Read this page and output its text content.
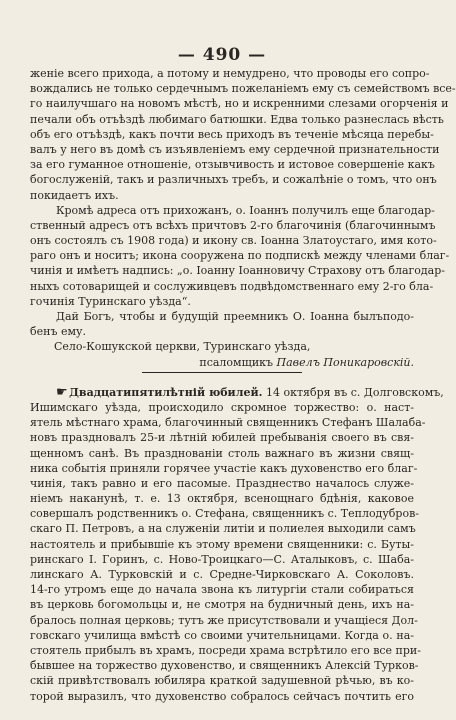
— 490 —
женіе всего прихода, а потому и немудрено, что проводы его сопро-
вождались не только сердечнымъ пожеланіемъ ему съ семействомъ все-
го наилучшаго на новомъ мѣстѣ, но и искренними слезами огорченія и
печали объ отъѣздѣ любимаго батюшки. Едва только разнеслась вѣсть
объ его отъѣздѣ, какъ почти весь приходъ въ теченіе мѣсяца перебы-
валъ у него въ домѣ съ изъявленіемъ ему сердечной признательности
за его гуманное отношеніе, отзывчивость и истовое совершеніе какъ
богослуженій, такъ и различныхъ требъ, и сожалѣніе о томъ, что онъ
покидаетъ ихъ.
Кромѣ адреса отъ прихожанъ, о. Іоаннъ получилъ еще благодар-
ственный адресъ отъ всѣхъ причтовъ 2-го благочинія (благочиннымъ
онъ состоялъ съ 1908 года) и икону св. Іоанна Златоустаго, имя кото-
раго онъ и носитъ; икона сооружена по подпискѣ между членами благ-
чинія и имѣетъ надпись: „о. Іоанну Іоанновичу Страхову отъ благодар-
ныхъ сотоварищей и сослуживцевъ подвѣдомственнаго ему 2-го бла-
гочинія Туринскаго уѣзда“.
Дай Богъ, чтобы и будущій преемникъ О. Іоанна былъподо-
бенъ ему.
Село-Кошукской церкви, Туринскаго уѣзда,
псаломщикъ Павелъ Поникаровскій.
☛ Двадцатипятилѣтній юбилей. 14 октября въ с. Долговскомъ,
Ишимскаго уѣзда, происходило скромное торжество: о. наст-
ятель мѣстнаго храма, благочинный священникъ Стефанъ Шалаба-
новъ праздновалъ 25-и лѣтній юбилей пребыванія своего въ свя-
щенномъ санѣ. Въ празднованіи столь важнаго въ жизни свящ-
ника событія приняли горячее участіе какъ духовенство его благ-
чинія, такъ равно и его пасомые. Празднество началось служе-
ніемъ наканунѣ, т. е. 13 октября, всенощнаго бдѣнія, каковое
совершалъ родственникъ о. Стефана, священникъ с. Теплодубров-
скаго П. Петровъ, а на служеніи литіи и полиелея выходили самъ
настоятель и прибывшіе къ этому времени священники: с. Буты-
ринскаго І. Горинъ, с. Ново-Троицкаго—С. Аталыковъ, с. Шаба-
линскаго А. Турковскій и с. Средне-Чирковскаго А. Соколовъ.
14-го утромъ еще до начала звона къ литургіи стали собираться
въ церковь богомольцы и, не смотря на будничный день, ихъ на-
бралось полная церковь; тутъ же присутствовали и учащіеся Дол-
говскаго училища вмѣстѣ со своими учительницами. Когда о. на-
стоятель прибылъ въ храмъ, посреди храма встрѣтило его все при-
бывшее на торжество духовенство, и священникъ Алексій Турков-
скій привѣтствовалъ юбиляра краткой задушевной рѣчью, въ ко-
торой выразилъ, что духовенство собралось сейчасъ почтить его
